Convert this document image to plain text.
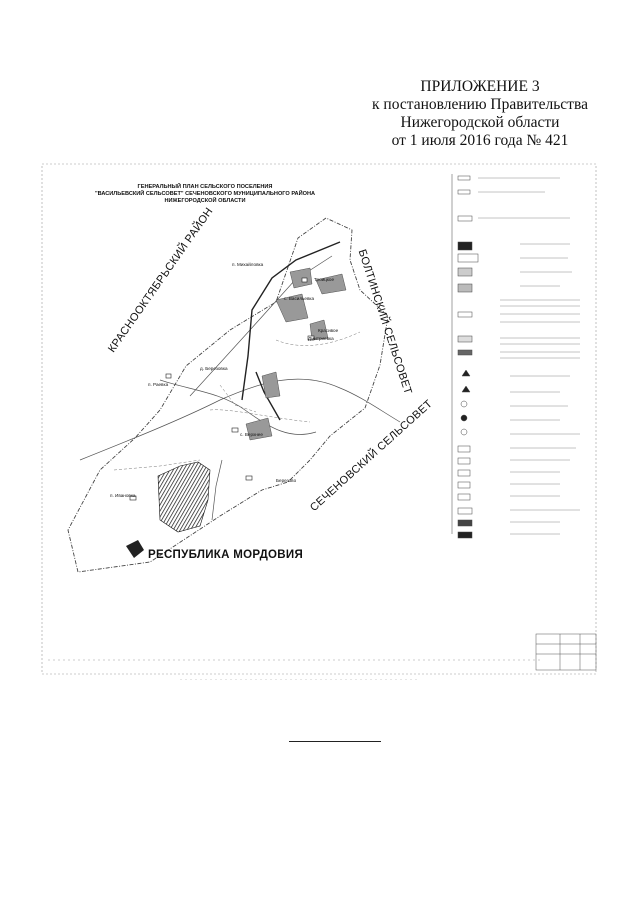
ПРИЛОЖЕНИЕ 3
к постановлению Правительства
Нижегородской области
от 1 июля 2016 года № 421
ГЕНЕРАЛЬНЫЙ ПЛАН СЕЛЬСКОГО ПОСЕЛЕНИЯ
"ВАСИЛЬЕВСКИЙ СЕЛЬСОВЕТ" СЕЧЕНОВСКОГО МУНИЦИПАЛЬНОГО РАЙОНА
НИЖЕГОРОДСКОЙ ОБЛАСТИ
КРАСНООКТЯБРЬСКИЙ РАЙОН	БОЛТИНСКИЙ СЕЛЬСОВЕТ
СЕЧЕНОВСКИЙ СЕЛЬСОВЕТ
РЕСПУБЛИКА МОРДОВИЯ
п. Михайловка
с. Васильевка
Троицкое
Дмитриевка
Красивое
д. Березовка
п. Раевка
с. Верхнее
Березово
п. Ивановка
